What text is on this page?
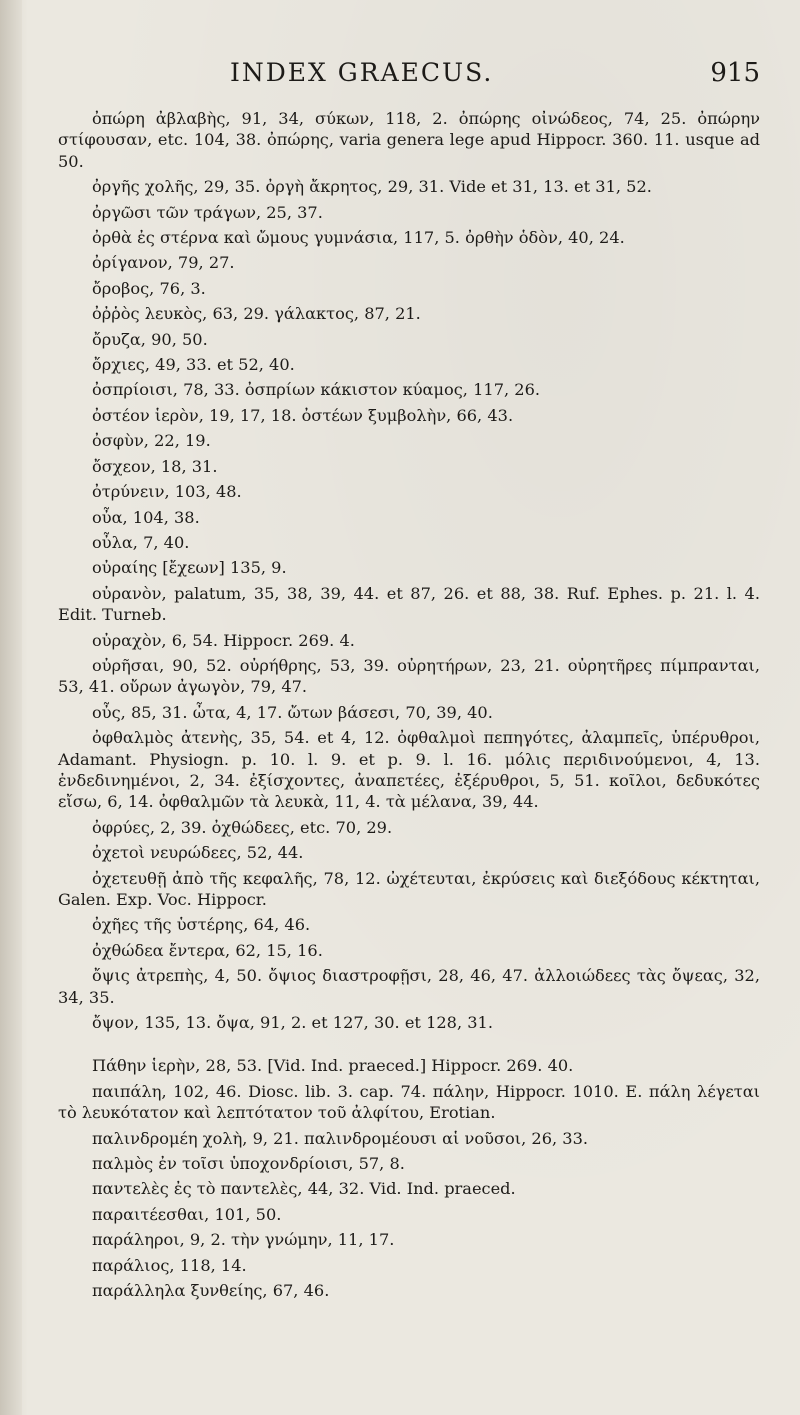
INDEX GRAECUS.	915

ὀπώρη ἀβλαβὴς, 91, 34, σύκων, 118, 2. ὀπώρης οἰνώδεος, 74, 25. ὀπώρην στίφουσαν, etc. 104, 38. ὀπώρης, varia genera lege apud Hippocr. 360. 11. usque ad 50.

ὀργῆς χολῆς, 29, 35. ὀργὴ ἄκρητος, 29, 31. Vide et 31, 13. et 31, 52.

ὀργῶσι τῶν τράγων, 25, 37.

ὀρθὰ ἐς στέρνα καὶ ὤμους γυμνάσια, 117, 5. ὀρθὴν ὁδὸν, 40, 24.

ὀρίγανον, 79, 27.

ὄροβος, 76, 3.

ὀῤῥὸς λευκὸς, 63, 29. γάλακτος, 87, 21.

ὄρυζα, 90, 50.

ὄρχιες, 49, 33. et 52, 40.

ὀσπρίοισι, 78, 33. ὀσπρίων κάκιστον κύαμος, 117, 26.

ὀστέον ἱερὸν, 19, 17, 18. ὀστέων ξυμβολὴν, 66, 43.

ὀσφὺν, 22, 19.

ὄσχεον, 18, 31.

ὀτρύνειν, 103, 48.

οὖα, 104, 38.

οὖλα, 7, 40.

οὐραίης [ἔχεων] 135, 9.

οὐρανὸν, palatum, 35, 38, 39, 44. et 87, 26. et 88, 38. Ruf. Ephes. p. 21. l. 4. Edit. Turneb.

οὐραχὸν, 6, 54. Hippocr. 269. 4.

οὐρῆσαι, 90, 52. οὐρήθρης, 53, 39. οὐρητήρων, 23, 21. οὐρητῆρες πίμπρανται, 53, 41. οὔρων ἀγωγὸν, 79, 47.

οὖς, 85, 31. ὦτα, 4, 17. ὤτων βάσεσι, 70, 39, 40.

ὀφθαλμὸς ἀτενὴς, 35, 54. et 4, 12. ὀφθαλμοὶ πεπηγότες, ἀλαμπεῖς, ὑπέρυθροι, Adamant. Physiogn. p. 10. l. 9. et p. 9. l. 16. μόλις περιδινούμενοι, 4, 13. ἐνδεδινημένοι, 2, 34. ἐξίσχοντες, ἀναπετέες, ἐξέρυθροι, 5, 51. κοῖλοι, δεδυκότες εἴσω, 6, 14. ὀφθαλμῶν τὰ λευκὰ, 11, 4. τὰ μέλανα, 39, 44.

ὀφρύες, 2, 39. ὀχθώδεες, etc. 70, 29.

ὀχετοὶ νευρώδεες, 52, 44.

ὀχετευθῇ ἀπὸ τῆς κεφαλῆς, 78, 12. ὠχέτευται, ἐκρύσεις καὶ διεξόδους κέκτηται, Galen. Exp. Voc. Hippocr.

ὀχῆες τῆς ὑστέρης, 64, 46.

ὀχθώδεα ἔντερα, 62, 15, 16.

ὄψις ἀτρεπὴς, 4, 50. ὄψιος διαστροφῇσι, 28, 46, 47. ἀλλοιώδεες τὰς ὄψεας, 32, 34, 35.

ὄψον, 135, 13. ὄψα, 91, 2. et 127, 30. et 128, 31.

Πάθην ἱερὴν, 28, 53. [Vid. Ind. praeced.] Hippocr. 269. 40.

παιπάλη, 102, 46. Diosc. lib. 3. cap. 74. πάλην, Hippocr. 1010. E. πάλη λέγεται τὸ λευκότατον καὶ λεπτότατον τοῦ ἀλφίτου, Erotian.

παλινδρομέη χολὴ, 9, 21. παλινδρομέουσι αἱ νοῦσοι, 26, 33.

παλμὸς ἐν τοῖσι ὑποχονδρίοισι, 57, 8.

παντελὲς ἐς τὸ παντελὲς, 44, 32. Vid. Ind. praeced.

παραιτέεσθαι, 101, 50.

παράληροι, 9, 2. τὴν γνώμην, 11, 17.

παράλιος, 118, 14.

παράλληλα ξυνθείης, 67, 46.
